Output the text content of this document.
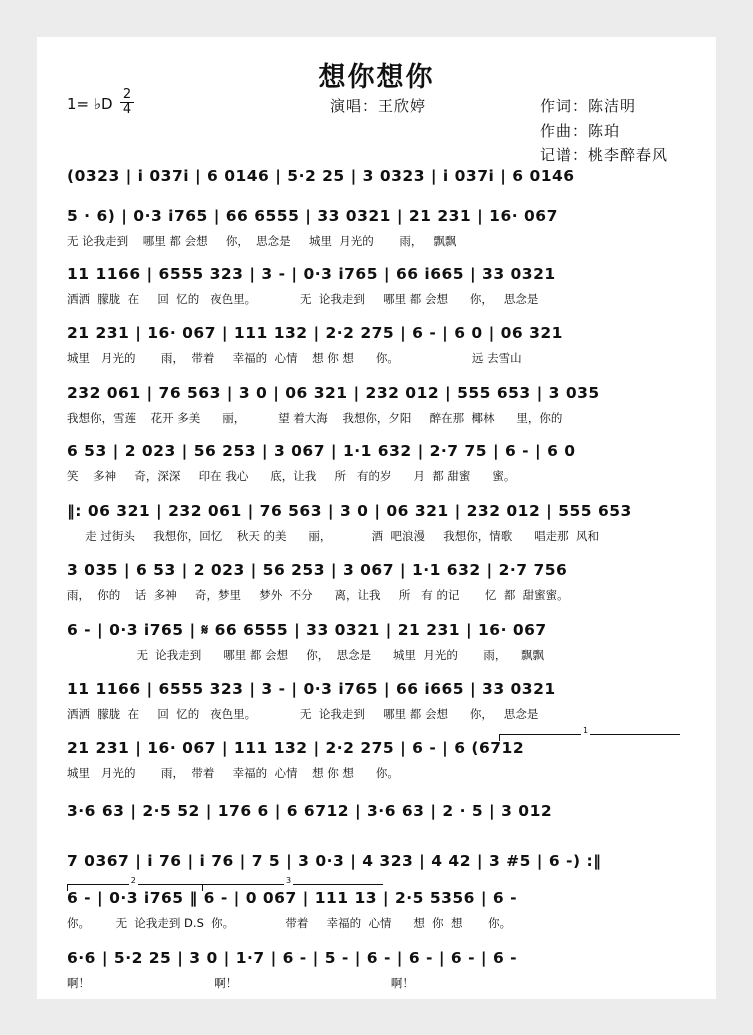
想你想你
1= ♭D
2
4	演唱：王欣婷	作词：陈洁明
作曲：陈珀
记谱：桃李醉春风
(0323 | i 037i | 6 0146 | 5·2 25 | 3 0323 | i 037i | 6 0146
5 · 6) | 0·3 i765 | 66 6555 | 33 0321 | 21 231 | 16· 067
无 论我走到    哪里 都 会想     你，  思念是     城里  月光的       雨，   飘飘
11 1166 | 6555 323 | 3 - | 0·3 i765 | 66 i665 | 33 0321
洒洒  朦胧  在     回  忆的   夜色里。            无  论我走到     哪里 都 会想      你，   思念是
21 231 | 16· 067 | 111 132 | 2·2 275 | 6 - | 6 0 | 06 321
城里   月光的       雨，  带着     幸福的  心情    想 你 想      你。                    远 去雪山
232 061 | 76 563 | 3 0 | 06 321 | 232 012 | 555 653 | 3 035
我想你，雪莲    花开 多美      丽，         望 着大海    我想你，夕阳     醉在那  椰林      里，你的
6 53 | 2 023 | 56 253 | 3 067 | 1·1 632 | 2·7 75 | 6 - | 6 0
笑    多神     奇，深深     印在 我心      底，让我     所   有的岁      月  都 甜蜜      蜜。
‖: 06 321 | 232 061 | 76 563 | 3 0 | 06 321 | 232 012 | 555 653
走 过街头     我想你，回忆    秋天 的美      丽，           酒  吧浪漫     我想你，情歌      唱走那  风和
3 035 | 6 53 | 2 023 | 56 253 | 3 067 | 1·1 632 | 2·7 756
雨，  你的    话  多神     奇，梦里     梦外  不分      离，让我     所   有 的记       忆  都  甜蜜蜜。
6 - | 0·3 i765 | 𝄋 66 6555 | 33 0321 | 21 231 | 16· 067
无  论我走到      哪里 都 会想     你，  思念是      城里  月光的       雨，    飘飘
11 1166 | 6555 323 | 3 - | 0·3 i765 | 66 i665 | 33 0321
洒洒  朦胧  在     回  忆的   夜色里。            无  论我走到     哪里 都 会想      你，   思念是
21 231 | 16· 067 | 111 132 | 2·2 275 | 6 - | 6 (6712
城里   月光的       雨，  带着     幸福的  心情    想 你 想      你。
3·6 63 | 2·5 52 | 176 6 | 6 6712 | 3·6 63 | 2 · 5 | 3 012
7 0367 | i 76 | i 76 | 7 5 | 3 0·3 | 4 323 | 4 42 | 3 #5 | 6 -) :‖
6 - | 0·3 i765 ‖ 6 - | 0 067 | 111 13 | 2·5 5356 | 6 -
你。       无  论我走到 D.S  你。              带着     幸福的  心情      想  你  想       你。
6·6 | 5·2 25 | 3 0 | 1·7 | 6 - | 5 - | 6 - | 6 - | 6 - | 6 -
啊！                                  啊！                                          啊！
1
2	3
